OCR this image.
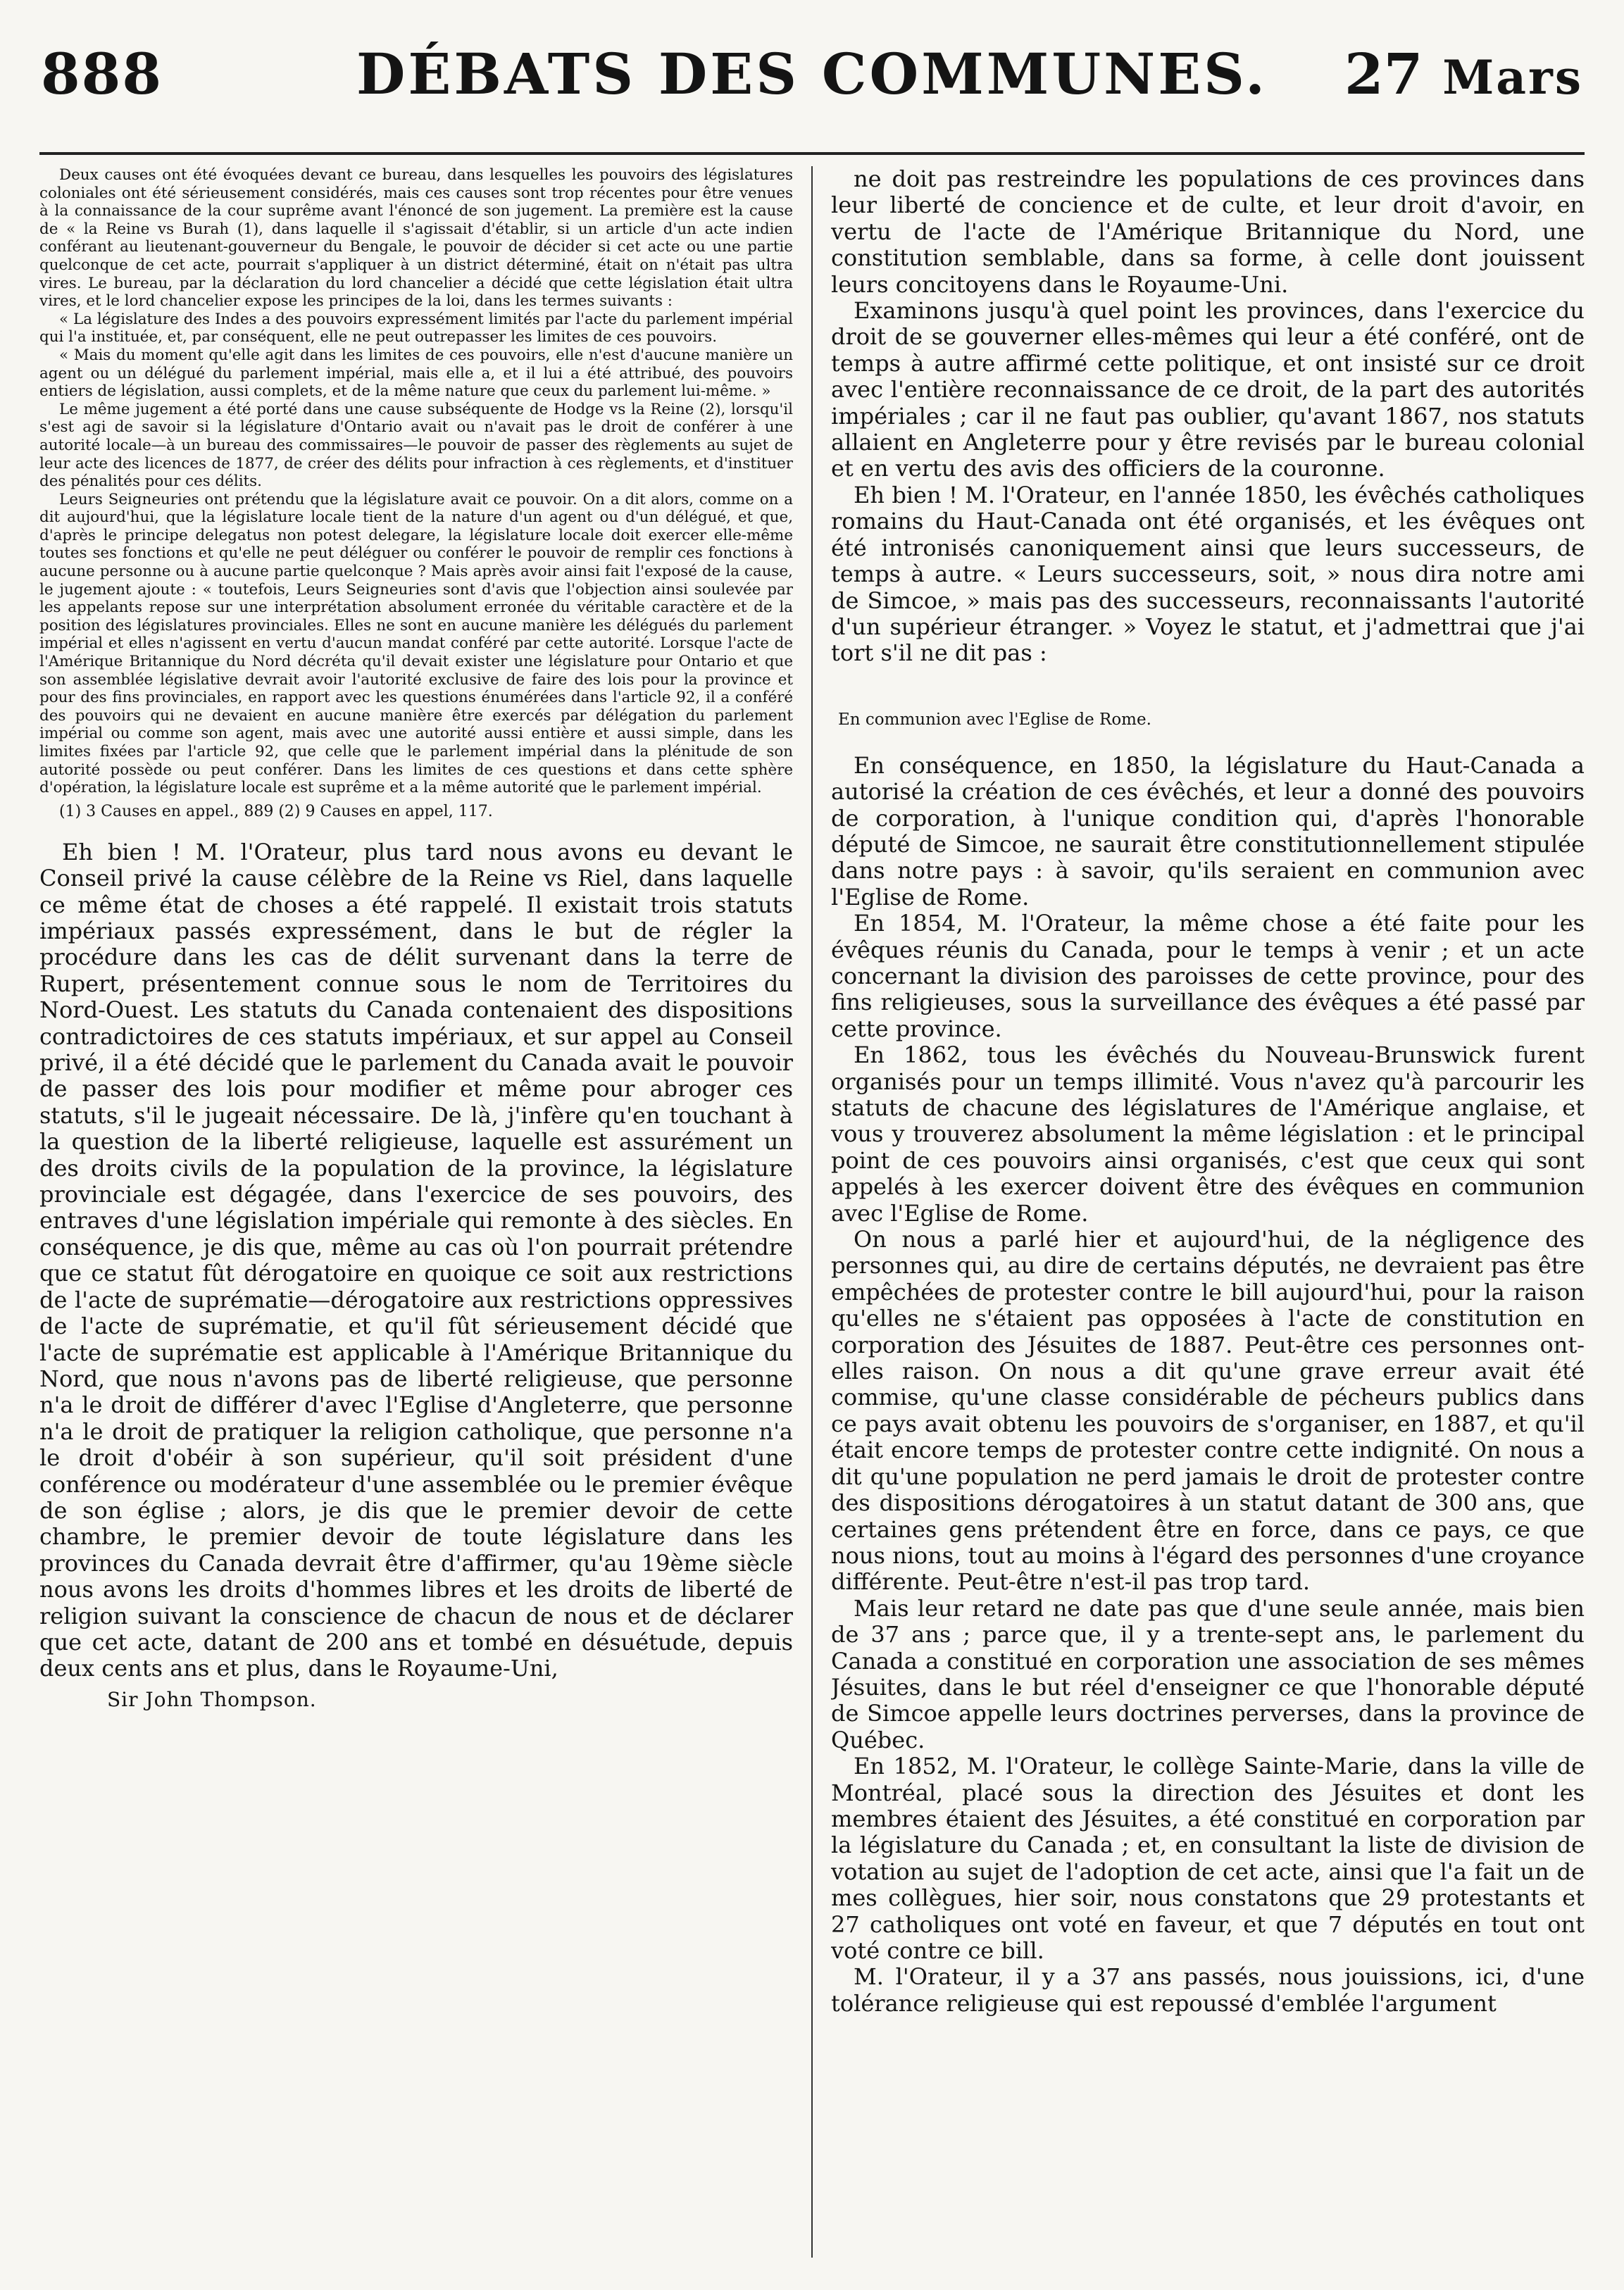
888	DÉBATS DES COMMUNES.	27 Mars

Deux causes ont été évoquées devant ce bureau, dans lesquelles les pouvoirs des législatures coloniales ont été sérieusement considérés, mais ces causes sont trop récentes pour être venues à la connaissance de la cour suprême avant l'énoncé de son jugement. La première est la cause de « la Reine vs Burah (1), dans laquelle il s'agissait d'établir, si un article d'un acte indien conférant au lieutenant-gouverneur du Bengale, le pouvoir de décider si cet acte ou une partie quelconque de cet acte, pourrait s'appliquer à un district déterminé, était on n'était pas ultra vires. Le bureau, par la déclaration du lord chancelier a décidé que cette législation était ultra vires, et le lord chancelier expose les principes de la loi, dans les termes suivants :

« La législature des Indes a des pouvoirs expressément limités par l'acte du parlement impérial qui l'a instituée, et, par conséquent, elle ne peut outrepasser les limites de ces pouvoirs.

« Mais du moment qu'elle agit dans les limites de ces pouvoirs, elle n'est d'aucune manière un agent ou un délégué du parlement impérial, mais elle a, et il lui a été attribué, des pouvoirs entiers de législation, aussi complets, et de la même nature que ceux du parlement lui-même. »

Le même jugement a été porté dans une cause subséquente de Hodge vs la Reine (2), lorsqu'il s'est agi de savoir si la législature d'Ontario avait ou n'avait pas le droit de conférer à une autorité locale—à un bureau des commissaires—le pouvoir de passer des règlements au sujet de leur acte des licences de 1877, de créer des délits pour infraction à ces règlements, et d'instituer des pénalités pour ces délits.

Leurs Seigneuries ont prétendu que la législature avait ce pouvoir. On a dit alors, comme on a dit aujourd'hui, que la législature locale tient de la nature d'un agent ou d'un délégué, et que, d'après le principe delegatus non potest delegare, la législature locale doit exercer elle-même toutes ses fonctions et qu'elle ne peut déléguer ou conférer le pouvoir de remplir ces fonctions à aucune personne ou à aucune partie quelconque ? Mais après avoir ainsi fait l'exposé de la cause, le jugement ajoute : « toutefois, Leurs Seigneuries sont d'avis que l'objection ainsi soulevée par les appelants repose sur une interprétation absolument erronée du véritable caractère et de la position des législatures provinciales. Elles ne sont en aucune manière les délégués du parlement impérial et elles n'agissent en vertu d'aucun mandat conféré par cette autorité. Lorsque l'acte de l'Amérique Britannique du Nord décréta qu'il devait exister une législature pour Ontario et que son assemblée législative devrait avoir l'autorité exclusive de faire des lois pour la province et pour des fins provinciales, en rapport avec les questions énumérées dans l'article 92, il a conféré des pouvoirs qui ne devaient en aucune manière être exercés par délégation du parlement impérial ou comme son agent, mais avec une autorité aussi entière et aussi simple, dans les limites fixées par l'article 92, que celle que le parlement impérial dans la plénitude de son autorité possède ou peut conférer. Dans les limites de ces questions et dans cette sphère d'opération, la législature locale est suprême et a la même autorité que le parlement impérial.

(1) 3 Causes en appel., 889 (2) 9 Causes en appel, 117.

Eh bien ! M. l'Orateur, plus tard nous avons eu devant le Conseil privé la cause célèbre de la Reine vs Riel, dans laquelle ce même état de choses a été rappelé. Il existait trois statuts impériaux passés expressément, dans le but de régler la procédure dans les cas de délit survenant dans la terre de Rupert, présentement connue sous le nom de Territoires du Nord-Ouest. Les statuts du Canada contenaient des dispositions contradictoires de ces statuts impériaux, et sur appel au Conseil privé, il a été décidé que le parlement du Canada avait le pouvoir de passer des lois pour modifier et même pour abroger ces statuts, s'il le jugeait nécessaire. De là, j'infère qu'en touchant à la question de la liberté religieuse, laquelle est assurément un des droits civils de la population de la province, la législature provinciale est dégagée, dans l'exercice de ses pouvoirs, des entraves d'une législation impériale qui remonte à des siècles. En conséquence, je dis que, même au cas où l'on pourrait prétendre que ce statut fût dérogatoire en quoique ce soit aux restrictions de l'acte de suprématie—dérogatoire aux restrictions oppressives de l'acte de suprématie, et qu'il fût sérieusement décidé que l'acte de suprématie est applicable à l'Amérique Britannique du Nord, que nous n'avons pas de liberté religieuse, que personne n'a le droit de différer d'avec l'Eglise d'Angleterre, que personne n'a le droit de pratiquer la religion catholique, que personne n'a le droit d'obéir à son supérieur, qu'il soit président d'une conférence ou modérateur d'une assemblée ou le premier évêque de son église ; alors, je dis que le premier devoir de cette chambre, le premier devoir de toute législature dans les provinces du Canada devrait être d'affirmer, qu'au 19ème siècle nous avons les droits d'hommes libres et les droits de liberté de religion suivant la conscience de chacun de nous et de déclarer que cet acte, datant de 200 ans et tombé en désuétude, depuis deux cents ans et plus, dans le Royaume-Uni,

Sir John Thompson.

ne doit pas restreindre les populations de ces provinces dans leur liberté de concience et de culte, et leur droit d'avoir, en vertu de l'acte de l'Amérique Britannique du Nord, une constitution semblable, dans sa forme, à celle dont jouissent leurs concitoyens dans le Royaume-Uni.

Examinons jusqu'à quel point les provinces, dans l'exercice du droit de se gouverner elles-mêmes qui leur a été conféré, ont de temps à autre affirmé cette politique, et ont insisté sur ce droit avec l'entière reconnaissance de ce droit, de la part des autorités impériales ; car il ne faut pas oublier, qu'avant 1867, nos statuts allaient en Angleterre pour y être revisés par le bureau colonial et en vertu des avis des officiers de la couronne.

Eh bien ! M. l'Orateur, en l'année 1850, les évêchés catholiques romains du Haut-Canada ont été organisés, et les évêques ont été intronisés canoniquement ainsi que leurs successeurs, de temps à autre. « Leurs successeurs, soit, » nous dira notre ami de Simcoe, » mais pas des successeurs, reconnaissants l'autorité d'un supérieur étranger. » Voyez le statut, et j'admettrai que j'ai tort s'il ne dit pas :

En communion avec l'Eglise de Rome.

En conséquence, en 1850, la législature du Haut-Canada a autorisé la création de ces évêchés, et leur a donné des pouvoirs de corporation, à l'unique condition qui, d'après l'honorable député de Simcoe, ne saurait être constitutionnellement stipulée dans notre pays : à savoir, qu'ils seraient en communion avec l'Eglise de Rome.

En 1854, M. l'Orateur, la même chose a été faite pour les évêques réunis du Canada, pour le temps à venir ; et un acte concernant la division des paroisses de cette province, pour des fins religieuses, sous la surveillance des évêques a été passé par cette province.

En 1862, tous les évêchés du Nouveau-Brunswick furent organisés pour un temps illimité. Vous n'avez qu'à parcourir les statuts de chacune des législatures de l'Amérique anglaise, et vous y trouverez absolument la même législation : et le principal point de ces pouvoirs ainsi organisés, c'est que ceux qui sont appelés à les exercer doivent être des évêques en communion avec l'Eglise de Rome.

On nous a parlé hier et aujourd'hui, de la négligence des personnes qui, au dire de certains députés, ne devraient pas être empêchées de protester contre le bill aujourd'hui, pour la raison qu'elles ne s'étaient pas opposées à l'acte de constitution en corporation des Jésuites de 1887. Peut-être ces personnes ont-elles raison. On nous a dit qu'une grave erreur avait été commise, qu'une classe considérable de pécheurs publics dans ce pays avait obtenu les pouvoirs de s'organiser, en 1887, et qu'il était encore temps de protester contre cette indignité. On nous a dit qu'une population ne perd jamais le droit de protester contre des dispositions dérogatoires à un statut datant de 300 ans, que certaines gens prétendent être en force, dans ce pays, ce que nous nions, tout au moins à l'égard des personnes d'une croyance différente. Peut-être n'est-il pas trop tard.

Mais leur retard ne date pas que d'une seule année, mais bien de 37 ans ; parce que, il y a trente-sept ans, le parlement du Canada a constitué en corporation une association de ses mêmes Jésuites, dans le but réel d'enseigner ce que l'honorable député de Simcoe appelle leurs doctrines perverses, dans la province de Québec.

En 1852, M. l'Orateur, le collège Sainte-Marie, dans la ville de Montréal, placé sous la direction des Jésuites et dont les membres étaient des Jésuites, a été constitué en corporation par la législature du Canada ; et, en consultant la liste de division de votation au sujet de l'adoption de cet acte, ainsi que l'a fait un de mes collègues, hier soir, nous constatons que 29 protestants et 27 catholiques ont voté en faveur, et que 7 députés en tout ont voté contre ce bill.

M. l'Orateur, il y a 37 ans passés, nous jouissions, ici, d'une tolérance religieuse qui est repoussé d'emblée l'argument
